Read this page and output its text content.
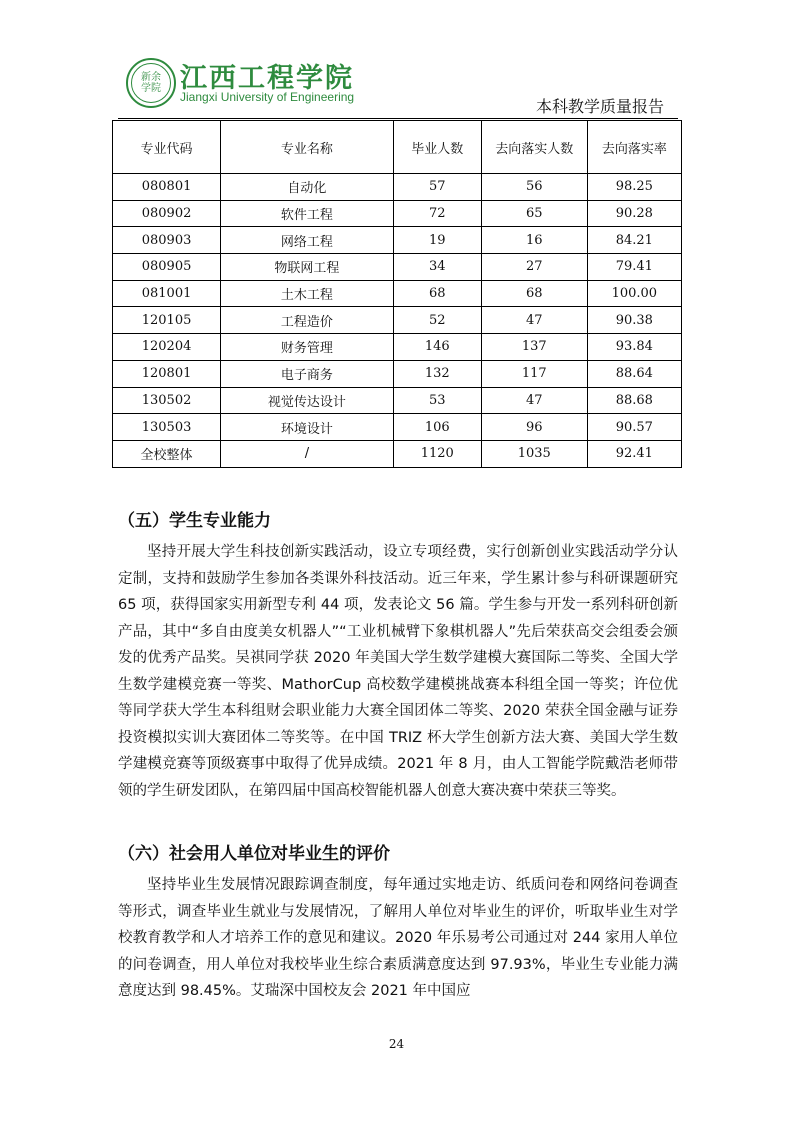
新余
学院 江西工程学院
Jiangxi University of Engineering	本科教学质量报告
专业代码	专业名称	毕业人数	去向落实人数	去向落实率
080801	自动化	57	56	98.25
080902	软件工程	72	65	90.28
080903	网络工程	19	16	84.21
080905	物联网工程	34	27	79.41
081001	土木工程	68	68	100.00
120105	工程造价	52	47	90.38
120204	财务管理	146	137	93.84
120801	电子商务	132	117	88.64
130502	视觉传达设计	53	47	88.68
130503	环境设计	106	96	90.57
全校整体	/	1120	1035	92.41
（五）学生专业能力
坚持开展大学生科技创新实践活动，设立专项经费，实行创新创业实践活动学分认定制，支持和鼓励学生参加各类课外科技活动。近三年来，学生累计参与科研课题研究 65 项，获得国家实用新型专利 44 项，发表论文 56 篇。学生参与开发一系列科研创新产品，其中“多自由度美女机器人”“工业机械臂下象棋机器人”先后荣获高交会组委会颁发的优秀产品奖。吴祺同学获 2020 年美国大学生数学建模大赛国际二等奖、全国大学生数学建模竞赛一等奖、MathorCup 高校数学建模挑战赛本科组全国一等奖；许位优等同学获大学生本科组财会职业能力大赛全国团体二等奖、2020 荣获全国金融与证券投资模拟实训大赛团体二等奖等。在中国 TRIZ 杯大学生创新方法大赛、美国大学生数学建模竞赛等顶级赛事中取得了优异成绩。2021 年 8 月，由人工智能学院戴浩老师带领的学生研发团队，在第四届中国高校智能机器人创意大赛决赛中荣获三等奖。
（六）社会用人单位对毕业生的评价
坚持毕业生发展情况跟踪调查制度，每年通过实地走访、纸质问卷和网络问卷调查等形式，调查毕业生就业与发展情况，了解用人单位对毕业生的评价，听取毕业生对学校教育教学和人才培养工作的意见和建议。2020 年乐易考公司通过对 244 家用人单位的问卷调查，用人单位对我校毕业生综合素质满意度达到 97.93%，毕业生专业能力满意度达到 98.45%。艾瑞深中国校友会 2021 年中国应
24
